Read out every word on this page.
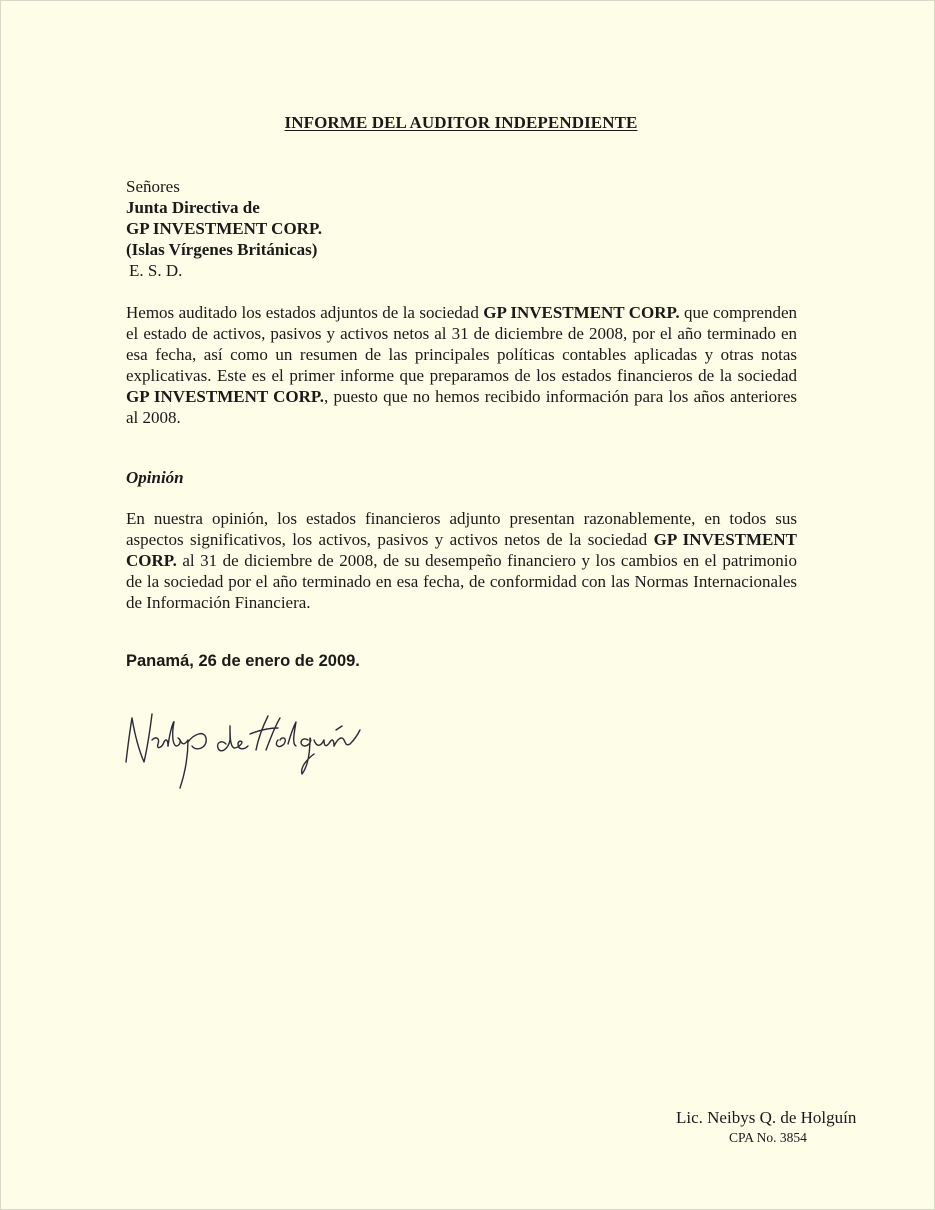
INFORME DEL AUDITOR INDEPENDIENTE
Señores
Junta Directiva de
GP INVESTMENT CORP.
(Islas Vírgenes Británicas)
E. S. D.
Hemos auditado los estados adjuntos de la sociedad GP INVESTMENT CORP. que comprenden el estado de activos, pasivos y activos netos al 31 de diciembre de 2008, por el año terminado en esa fecha, así como un resumen de las principales políticas contables aplicadas y otras notas explicativas. Este es el primer informe que preparamos de los estados financieros de la sociedad GP INVESTMENT CORP., puesto que no hemos recibido información para los años anteriores al 2008.
Opinión
En nuestra opinión, los estados financieros adjunto presentan razonablemente, en todos sus aspectos significativos, los activos, pasivos y activos netos de la sociedad GP INVESTMENT CORP. al 31 de diciembre de 2008, de su desempeño financiero y los cambios en el patrimonio de la sociedad por el año terminado en esa fecha, de conformidad con las Normas Internacionales de Información Financiera.
Panamá, 26 de enero de 2009.
Lic. Neibys Q. de Holguín
CPA No. 3854
